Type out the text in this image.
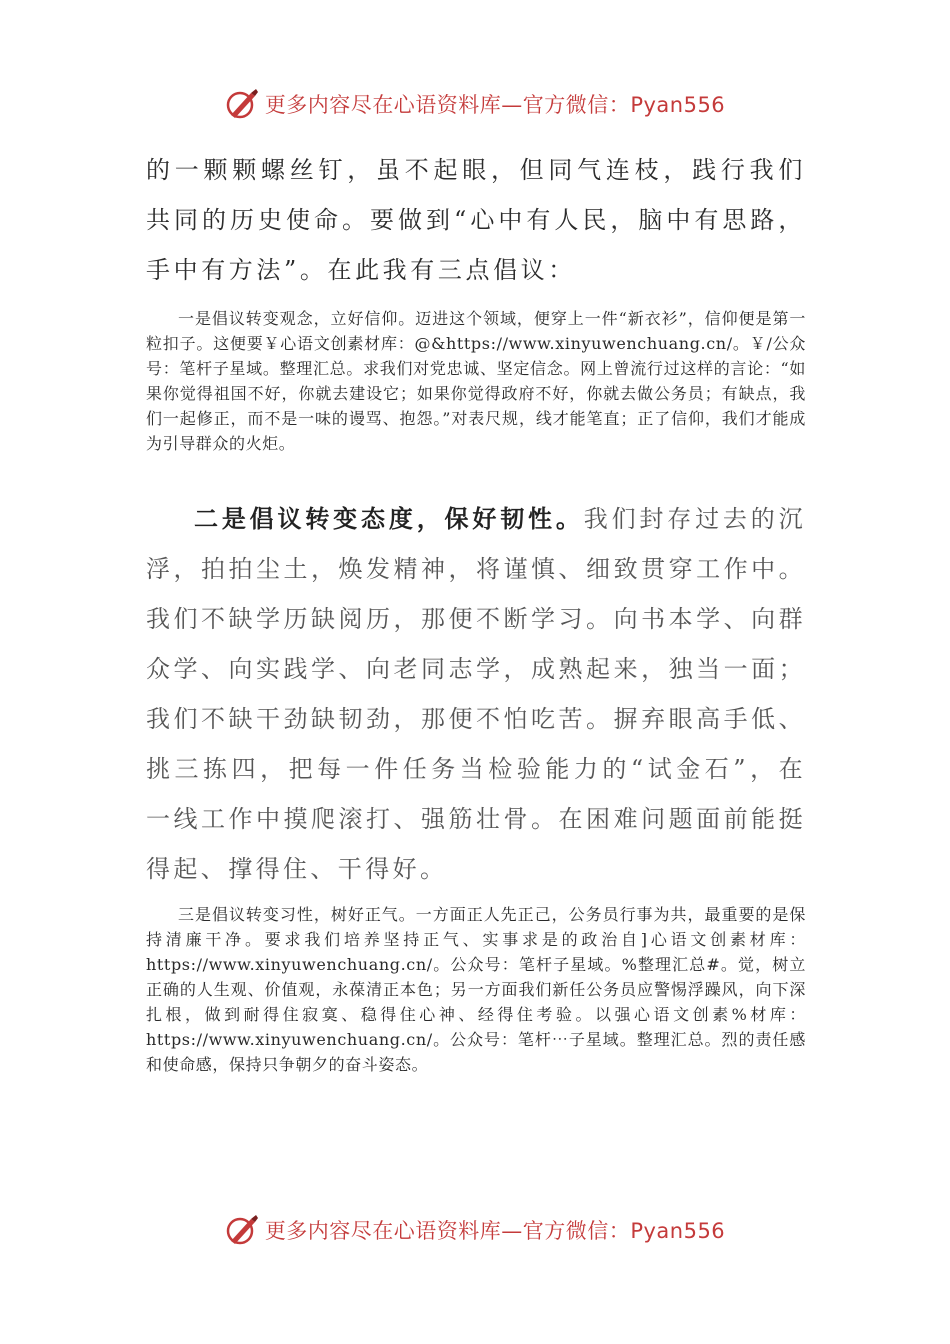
更多内容尽在心语资料库—官方微信：Pyan556

的一颗颗螺丝钉，虽不起眼，但同气连枝，践行我们共同的历史使命。要做到“心中有人民，脑中有思路，手中有方法”。在此我有三点倡议：

一是倡议转变观念，立好信仰。迈进这个领域，便穿上一件“新衣衫”，信仰便是第一粒扣子。这便要￥心语文创素材库：@&https://www.xinyuwenchuang.cn/。￥/公众号：笔杆子星域。整理汇总。求我们对党忠诚、坚定信念。网上曾流行过这样的言论：“如果你觉得祖国不好，你就去建设它；如果你觉得政府不好，你就去做公务员；有缺点，我们一起修正，而不是一味的谩骂、抱怨。”对表尺规，线才能笔直；正了信仰，我们才能成为引导群众的火炬。

二是倡议转变态度，保好韧性。我们封存过去的沉浮，拍拍尘土，焕发精神，将谨慎、细致贯穿工作中。我们不缺学历缺阅历，那便不断学习。向书本学、向群众学、向实践学、向老同志学，成熟起来，独当一面；我们不缺干劲缺韧劲，那便不怕吃苦。摒弃眼高手低、挑三拣四，把每一件任务当检验能力的“试金石”，在一线工作中摸爬滚打、强筋壮骨。在困难问题面前能挺得起、撑得住、干得好。

三是倡议转变习性，树好正气。一方面正人先正己，公务员行事为共，最重要的是保持清廉干净。要求我们培养坚持正气、实事求是的政治自]心语文创素材库：https://www.xinyuwenchuang.cn/。公众号：笔杆子星域。%整理汇总#。觉，树立正确的人生观、价值观，永葆清正本色；另一方面我们新任公务员应警惕浮躁风，向下深扎根，做到耐得住寂寞、稳得住心神、经得住考验。以强心语文创素%材库：https://www.xinyuwenchuang.cn/。公众号：笔杆⋯子星域。整理汇总。烈的责任感和使命感，保持只争朝夕的奋斗姿态。

更多内容尽在心语资料库—官方微信：Pyan556
